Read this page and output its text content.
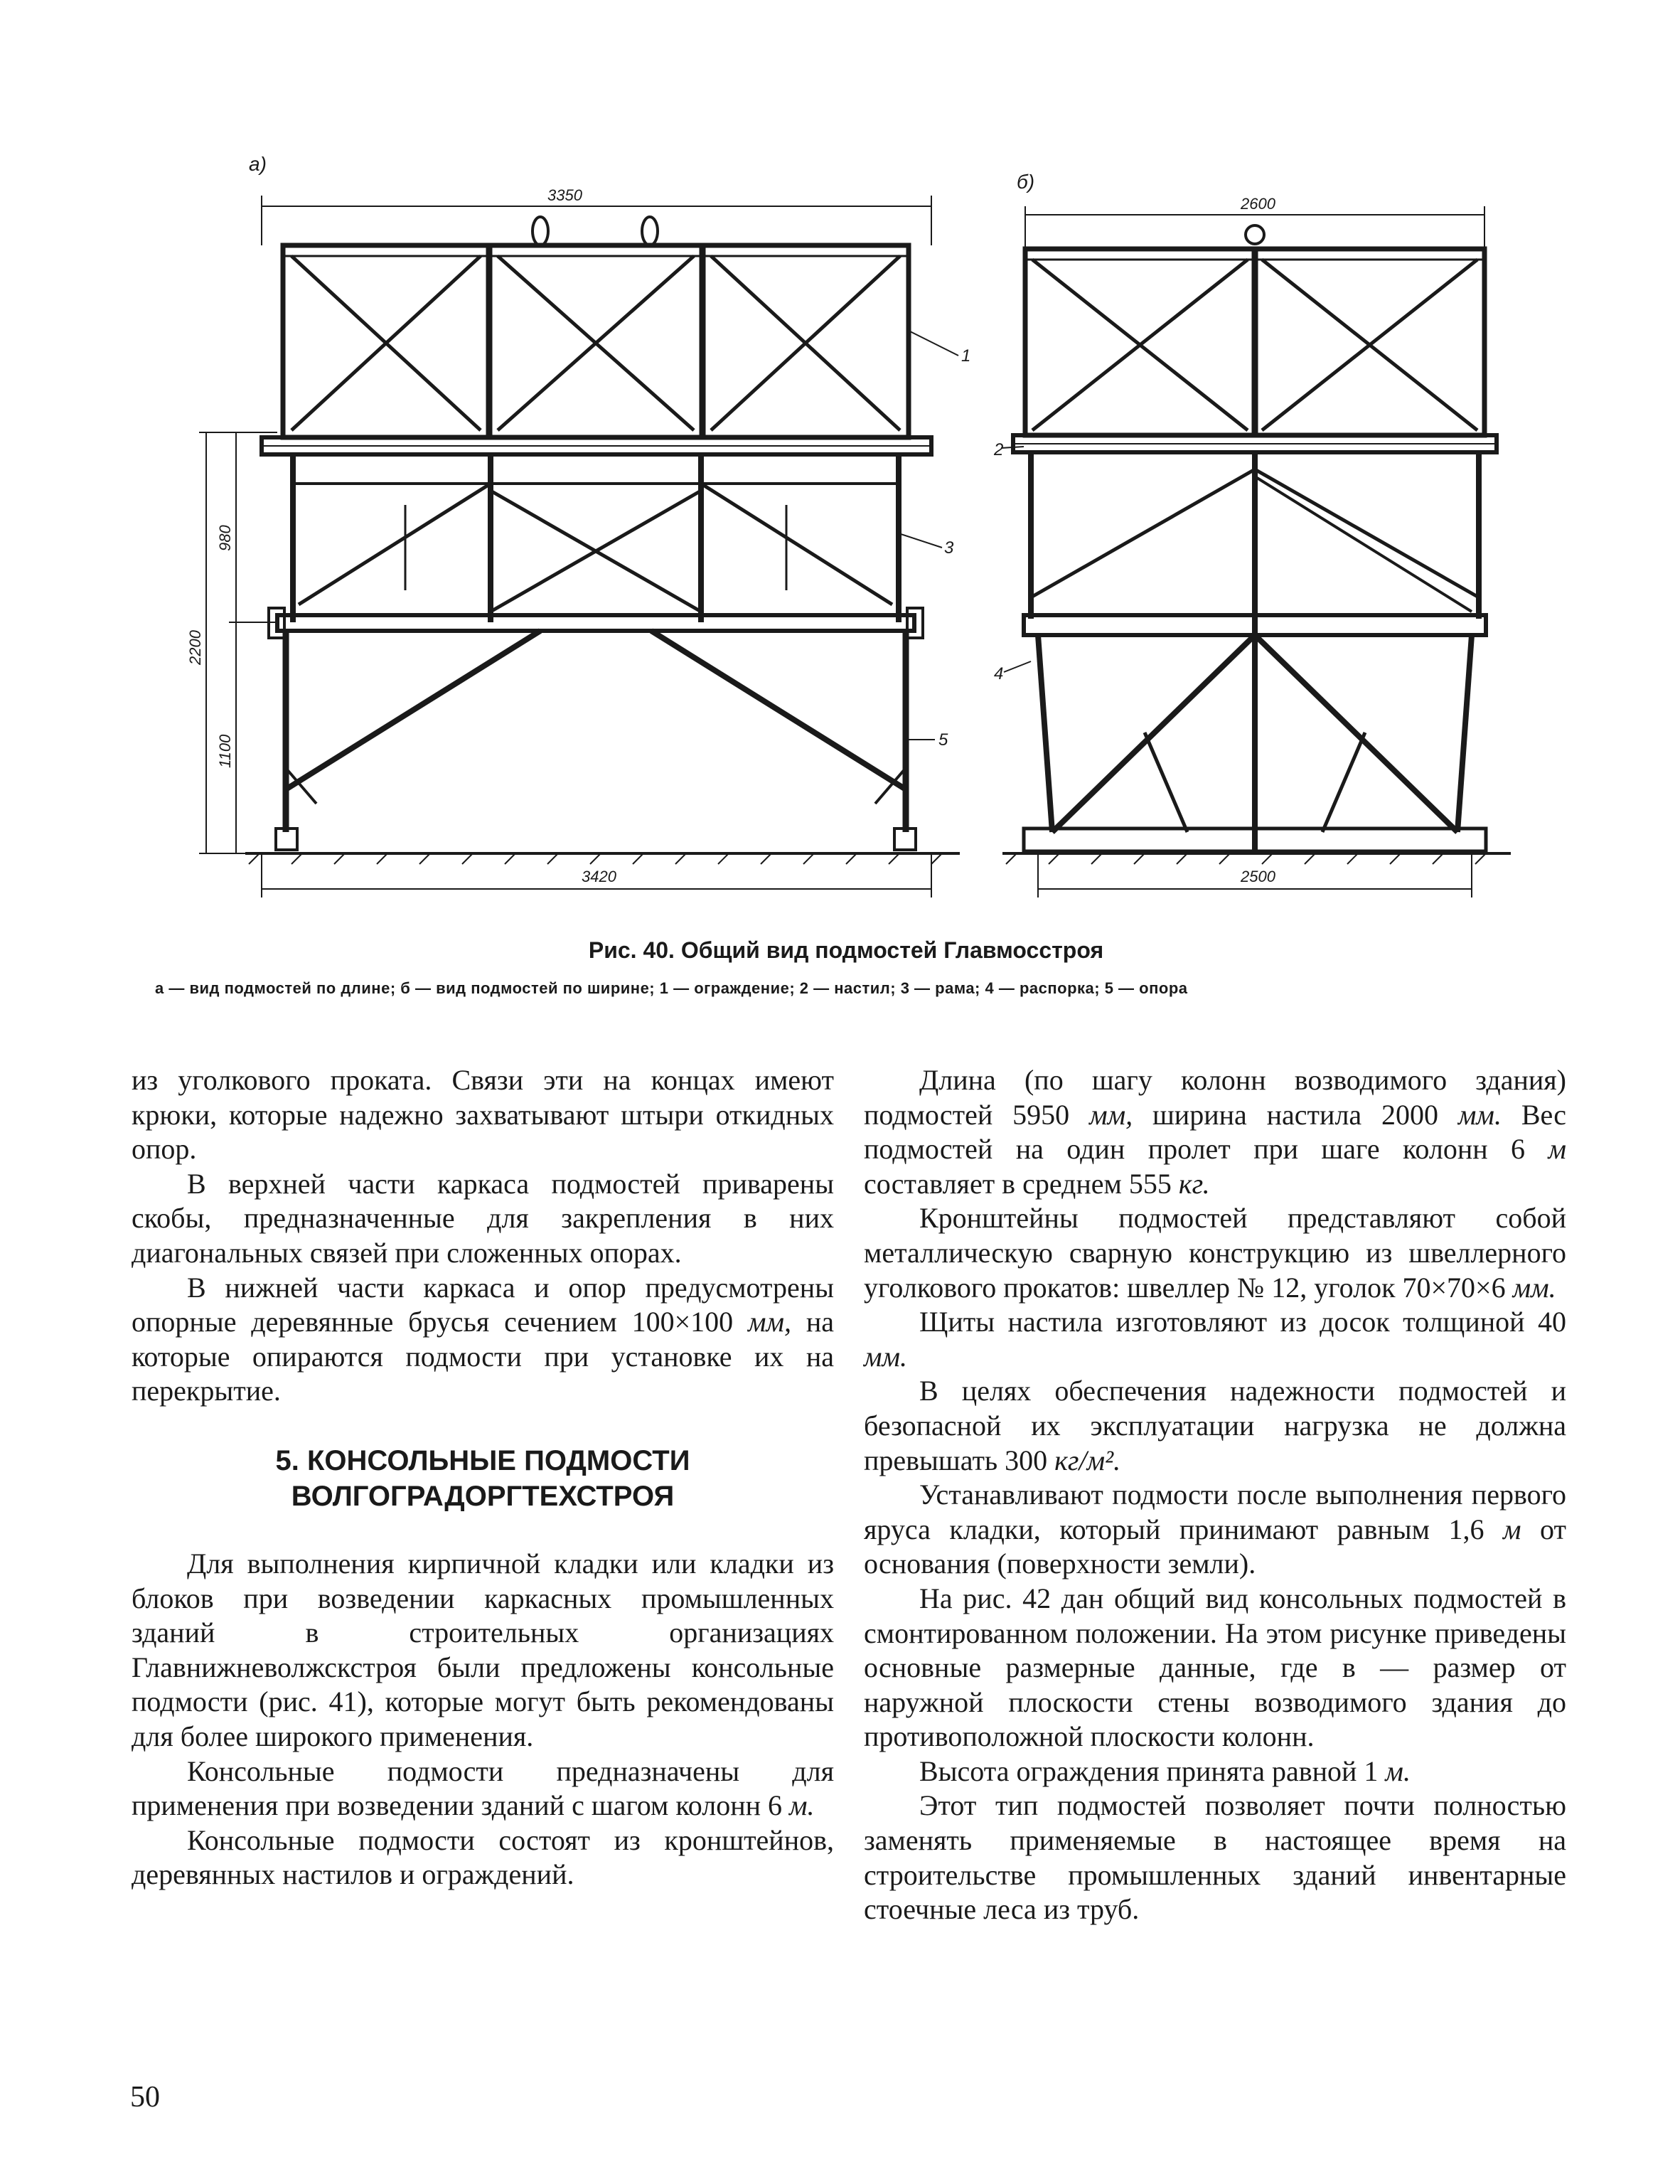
а)
3350
3420
2200
980
1100
1
3
5
б)
2600
2500
2
4
Рис. 40. Общий вид подмостей Главмосстроя
а — вид подмостей по длине; б — вид подмостей по ширине; 1 — ограждение; 2 — настил; 3 — рама; 4 — распорка; 5 — опора

из уголкового проката. Связи эти на концах имеют крюки, которые надежно захватывают штыри откидных опор.

В верхней части каркаса подмостей приварены скобы, предназначенные для закрепления в них диагональных связей при сложенных опорах.

В нижней части каркаса и опор предусмотрены опорные деревянные брусья сечением 100×100 мм, на которые опираются подмости при установке их на перекрытие.

5. КОНСОЛЬНЫЕ ПОДМОСТИ ВОЛГОГРАДОРГТЕХСТРОЯ

Для выполнения кирпичной кладки или кладки из блоков при возведении каркасных промышленных зданий в строительных организациях Главнижневолжскстроя были предложены консольные подмости (рис. 41), которые могут быть рекомендованы для более широкого применения.

Консольные подмости предназначены для применения при возведении зданий с шагом колонн 6 м.

Консольные подмости состоят из кронштейнов, деревянных настилов и ограждений.

Длина (по шагу колонн возводимого здания) подмостей 5950 мм, ширина настила 2000 мм. Вес подмостей на один пролет при шаге колонн 6 м составляет в среднем 555 кг.

Кронштейны подмостей представляют собой металлическую сварную конструкцию из швеллерного уголкового прокатов: швеллер № 12, уголок 70×70×6 мм.

Щиты настила изготовляют из досок толщиной 40 мм.

В целях обеспечения надежности подмостей и безопасной их эксплуатации нагрузка не должна превышать 300 кг/м².

Устанавливают подмости после выполнения первого яруса кладки, который принимают равным 1,6 м от основания (поверхности земли).

На рис. 42 дан общий вид консольных подмостей в смонтированном положении. На этом рисунке приведены основные размерные данные, где в — размер от наружной плоскости стены возводимого здания до противоположной плоскости колонн.

Высота ограждения принята равной 1 м.

Этот тип подмостей позволяет почти полностью заменять применяемые в настоящее время на строительстве промышленных зданий инвентарные стоечные леса из труб.

50
